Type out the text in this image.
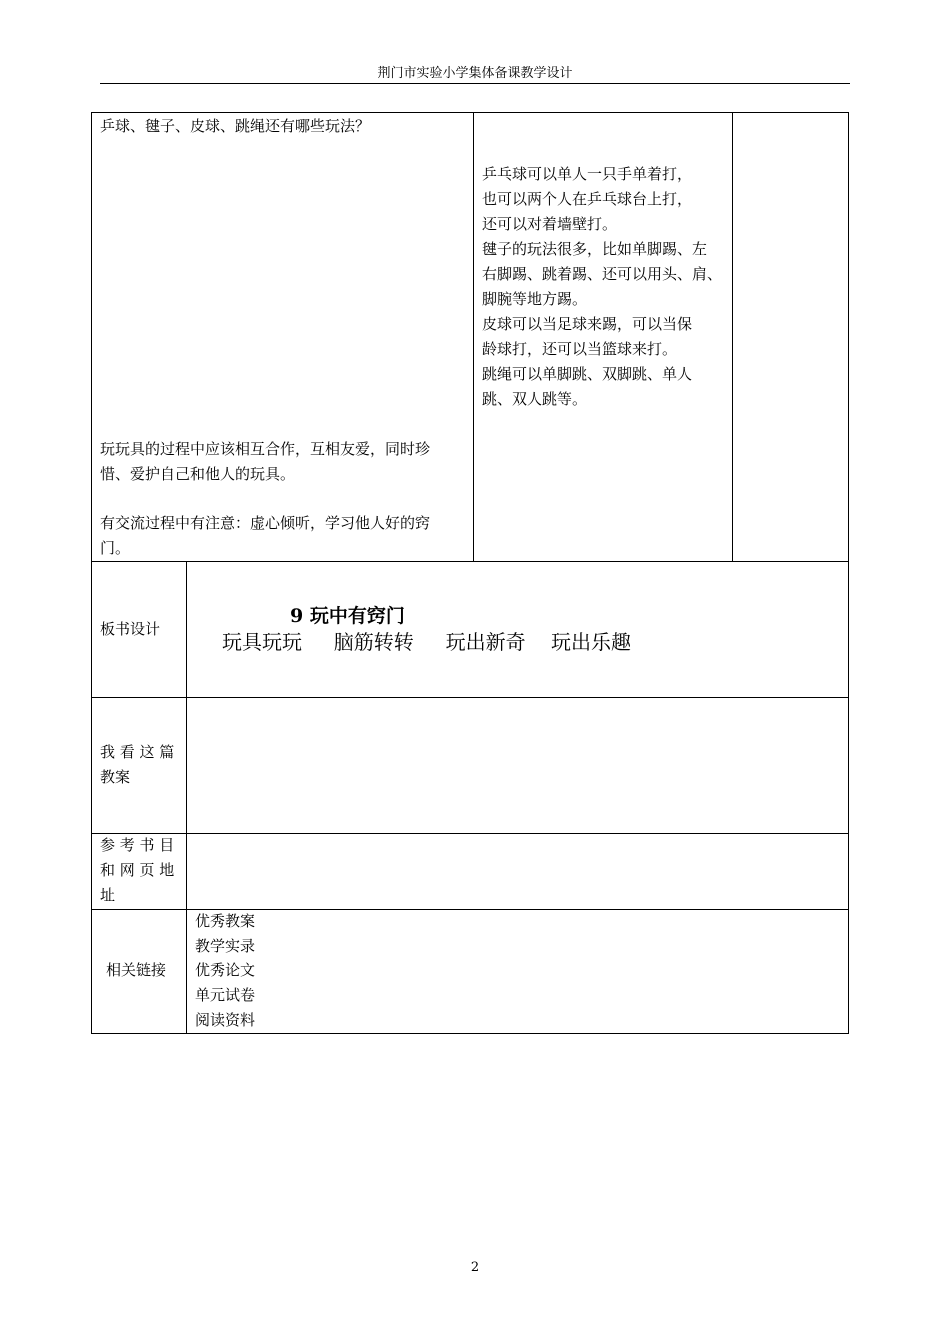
荆门市实验小学集体备课教学设计
乒球、毽子、皮球、跳绳还有哪些玩法？
玩玩具的过程中应该相互合作，互相友爱，同时珍
惜、爱护自己和他人的玩具。
有交流过程中有注意：虚心倾听，学习他人好的窍
门。
乒乓球可以单人一只手单着打，
也可以两个人在乒乓球台上打，
还可以对着墙壁打。
毽子的玩法很多，比如单脚踢、左
右脚踢、跳着踢、还可以用头、肩、
脚腕等地方踢。
皮球可以当足球来踢，可以当保
龄球打，还可以当篮球来打。
跳绳可以单脚跳、双脚跳、单人
跳、双人跳等。
板书设计
9 玩中有窍门
玩具玩玩     脑筋转转     玩出新奇    玩出乐趣
我 看 这 篇
教案
参 考 书 目
和 网 页 地
址
相关链接
优秀教案
教学实录
优秀论文
单元试卷
阅读资料
2
